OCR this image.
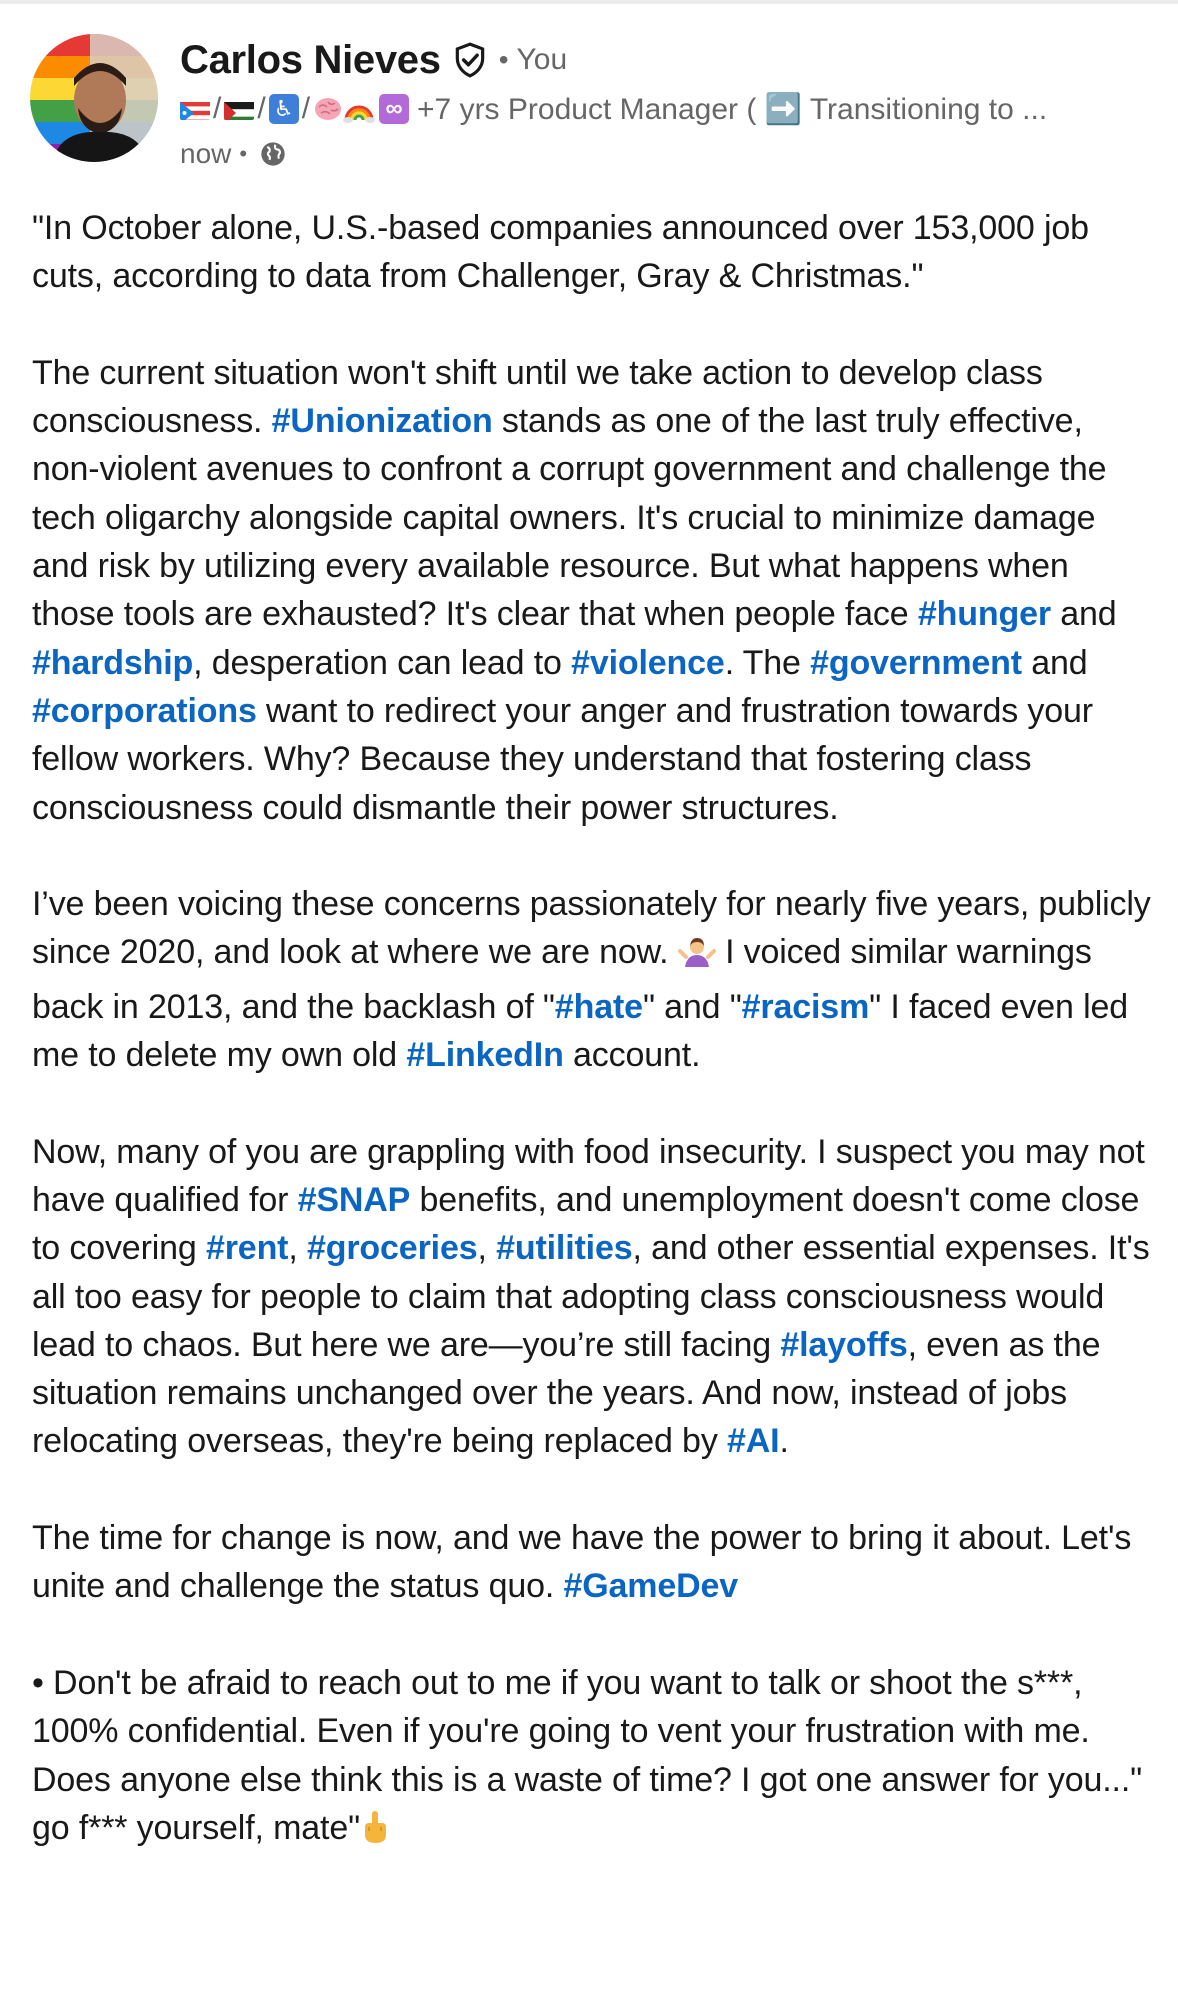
Carlos Nieves • You
/ / ♿ /	∞ +7 yrs Product Manager ( ➡️ Transitioning to ...
now •

"In October alone, U.S.-based companies announced over 153,000 job cuts, according to data from Challenger, Gray & Christmas."

The current situation won't shift until we take action to develop class consciousness. #Unionization stands as one of the last truly effective, non-violent avenues to confront a corrupt government and challenge the tech oligarchy alongside capital owners. It's crucial to minimize damage and risk by utilizing every available resource. But what happens when those tools are exhausted? It's clear that when people face #hunger and #hardship, desperation can lead to #violence. The #government and #corporations want to redirect your anger and frustration towards your fellow workers. Why? Because they understand that fostering class consciousness could dismantle their power structures.

I’ve been voicing these concerns passionately for nearly five years, publicly since 2020, and look at where we are now.  I voiced similar warnings back in 2013, and the backlash of "#hate" and "#racism" I faced even led me to delete my own old #LinkedIn account.

Now, many of you are grappling with food insecurity. I suspect you may not have qualified for #SNAP benefits, and unemployment doesn't come close to covering #rent, #groceries, #utilities, and other essential expenses. It's all too easy for people to claim that adopting class consciousness would lead to chaos. But here we are—you’re still facing #layoffs, even as the situation remains unchanged over the years. And now, instead of jobs relocating overseas, they're being replaced by #AI.

The time for change is now, and we have the power to bring it about. Let's unite and challenge the status quo. #GameDev

• Don't be afraid to reach out to me if you want to talk or shoot the s***, 100% confidential. Even if you're going to vent your frustration with me. Does anyone else think this is a waste of time? I got one answer for you..." go f*** yourself, mate"
